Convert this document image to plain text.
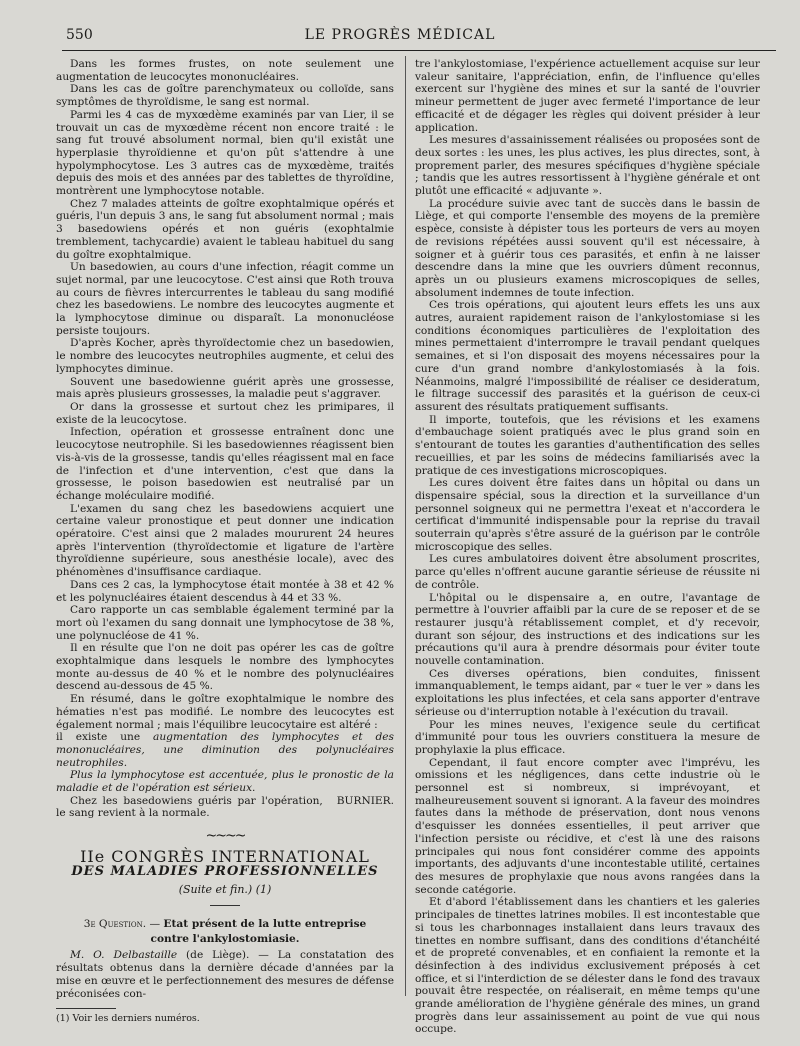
550	LE PROGRÈS MÉDICAL

Dans les formes frustes, on note seulement une augmentation de leucocytes mononucléaires.

Dans les cas de goître parenchymateux ou colloïde, sans symptômes de thyroïdisme, le sang est normal.

Parmi les 4 cas de myxœdème examinés par van Lier, il se trouvait un cas de myxœdème récent non encore traité : le sang fut trouvé absolument normal, bien qu'il existât une hyperplasie thyroïdienne et qu'on pût s'attendre à une hypolymphocytose. Les 3 autres cas de myxœdème, traités depuis des mois et des années par des tablettes de thyroïdine, montrèrent une lymphocytose notable.

Chez 7 malades atteints de goître exophtalmique opérés et guéris, l'un depuis 3 ans, le sang fut absolument normal ; mais 3 basedowiens opérés et non guéris (exophtalmie tremblement, tachycardie) avaient le tableau habituel du sang du goître exophtalmique.

Un basedowien, au cours d'une infection, réagit comme un sujet normal, par une leucocytose. C'est ainsi que Roth trouva au cours de fièvres intercurrentes le tableau du sang modifié chez les basedowiens. Le nombre des leucocytes augmente et la lymphocytose diminue ou disparaît. La mononucléose persiste toujours.

D'après Kocher, après thyroïdectomie chez un basedowien, le nombre des leucocytes neutrophiles augmente, et celui des lymphocytes diminue.

Souvent une basedowienne guérit après une grossesse, mais après plusieurs grossesses, la maladie peut s'aggraver.

Or dans la grossesse et surtout chez les primipares, il existe de la leucocytose.

Infection, opération et grossesse entraînent donc une leucocytose neutrophile. Si les basedowiennes réagissent bien vis-à-vis de la grossesse, tandis qu'elles réagissent mal en face de l'infection et d'une intervention, c'est que dans la grossesse, le poison basedowien est neutralisé par un échange moléculaire modifié.

L'examen du sang chez les basedowiens acquiert une certaine valeur pronostique et peut donner une indication opératoire. C'est ainsi que 2 malades moururent 24 heures après l'intervention (thyroïdectomie et ligature de l'artère thyroïdienne supérieure, sous anesthésie locale), avec des phénomènes d'insuffisance cardiaque.

Dans ces 2 cas, la lymphocytose était montée à 38 et 42 % et les polynucléaires étaient descendus à 44 et 33 %.

Caro rapporte un cas semblable également terminé par la mort où l'examen du sang donnait une lymphocytose de 38 %, une polynucléose de 41 %.

Il en résulte que l'on ne doit pas opérer les cas de goître exophtalmique dans lesquels le nombre des lymphocytes monte au-dessus de 40 % et le nombre des polynucléaires descend au-dessous de 45 %.

En résumé, dans le goître exophtalmique le nombre des hématies n'est pas modifié. Le nombre des leucocytes est également normal ; mais l'équilibre leucocytaire est altéré :

il existe une augmentation des lymphocytes et des mononucléaires, une diminution des polynucléaires neutrophiles.

Plus la lymphocytose est accentuée, plus le pronostic de la maladie et de l'opération est sérieux.

Chez les basedowiens guéris par l'opération, le sang revient à la normale.
BURNIER.

~~~~
IIe CONGRÈS INTERNATIONAL
DES MALADIES PROFESSIONNELLES
(Suite et fin.) (1)
3e Question. — Etat présent de la lutte entreprise
contre l'ankylostomiasie.

M. O. Delbastaille (de Liège). — La constatation des résultats obtenus dans la dernière décade d'années par la mise en œuvre et le perfectionnement des mesures de défense préconisées con-

(1) Voir les derniers numéros.

tre l'ankylostomiase, l'expérience actuellement acquise sur leur valeur sanitaire, l'appréciation, enfin, de l'influence qu'elles exercent sur l'hygiène des mines et sur la santé de l'ouvrier mineur permettent de juger avec fermeté l'importance de leur efficacité et de dégager les règles qui doivent présider à leur application.

Les mesures d'assainissement réalisées ou proposées sont de deux sortes : les unes, les plus actives, les plus directes, sont, à proprement parler, des mesures spécifiques d'hygiène spéciale ; tandis que les autres ressortissent à l'hygiène générale et ont plutôt une efficacité « adjuvante ».

La procédure suivie avec tant de succès dans le bassin de Liège, et qui comporte l'ensemble des moyens de la première espèce, consiste à dépister tous les porteurs de vers au moyen de revisions répétées aussi souvent qu'il est nécessaire, à soigner et à guérir tous ces parasités, et enfin à ne laisser descendre dans la mine que les ouvriers dûment reconnus, après un ou plusieurs examens microscopiques de selles, absolument indemnes de toute infection.

Ces trois opérations, qui ajoutent leurs effets les uns aux autres, auraient rapidement raison de l'ankylostomiase si les conditions économiques particulières de l'exploitation des mines permettaient d'interrompre le travail pendant quelques semaines, et si l'on disposait des moyens nécessaires pour la cure d'un grand nombre d'ankylostomiasés à la fois. Néanmoins, malgré l'impossibilité de réaliser ce desideratum, le filtrage successif des parasités et la guérison de ceux-ci assurent des résultats pratiquement suffisants.

Il importe, toutefois, que les révisions et les examens d'embauchage soient pratiqués avec le plus grand soin en s'entourant de toutes les garanties d'authentification des selles recueillies, et par les soins de médecins familiarisés avec la pratique de ces investigations microscopiques.

Les cures doivent être faites dans un hôpital ou dans un dispensaire spécial, sous la direction et la surveillance d'un personnel soigneux qui ne permettra l'exeat et n'accordera le certificat d'immunité indispensable pour la reprise du travail souterrain qu'après s'être assuré de la guérison par le contrôle microscopique des selles.

Les cures ambulatoires doivent être absolument proscrites, parce qu'elles n'offrent aucune garantie sérieuse de réussite ni de contrôle.

L'hôpital ou le dispensaire a, en outre, l'avantage de permettre à l'ouvrier affaibli par la cure de se reposer et de se restaurer jusqu'à rétablissement complet, et d'y recevoir, durant son séjour, des instructions et des indications sur les précautions qu'il aura à prendre désormais pour éviter toute nouvelle contamination.

Ces diverses opérations, bien conduites, finissent immanquablement, le temps aidant, par « tuer le ver » dans les exploitations les plus infectées, et cela sans apporter d'entrave sérieuse ou d'interruption notable à l'exécution du travail.

Pour les mines neuves, l'exigence seule du certificat d'immunité pour tous les ouvriers constituera la mesure de prophylaxie la plus efficace.

Cependant, il faut encore compter avec l'imprévu, les omissions et les négligences, dans cette industrie où le personnel est si nombreux, si imprévoyant, et malheureusement souvent si ignorant. A la faveur des moindres fautes dans la méthode de préservation, dont nous venons d'esquisser les données essentielles, il peut arriver que l'infection persiste ou récidive, et c'est là une des raisons principales qui nous font considérer comme des appoints importants, des adjuvants d'une incontestable utilité, certaines des mesures de prophylaxie que nous avons rangées dans la seconde catégorie.

Et d'abord l'établissement dans les chantiers et les galeries principales de tinettes latrines mobiles. Il est incontestable que si tous les charbonnages installaient dans leurs travaux des tinettes en nombre suffisant, dans des conditions d'étanchéité et de propreté convenables, et en confiaient la remonte et la désinfection à des individus exclusivement préposés à cet office, et si l'interdiction de se délester dans le fond des travaux pouvait être respectée, on réaliserait, en même temps qu'une grande amélioration de l'hygiène générale des mines, un grand progrès dans leur assainissement au point de vue qui nous occupe.
